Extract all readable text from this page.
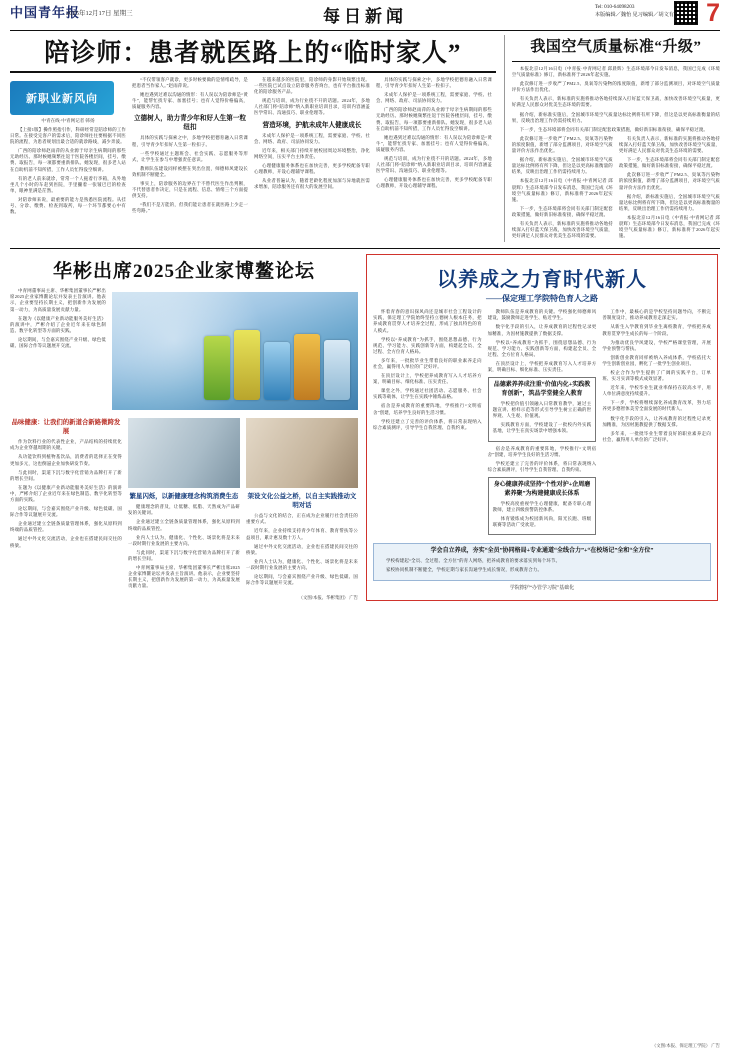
中国青年报
2025年12月17日 星期三	每日新闻	Tel: 010-64098203
本版编辑／魏怡 见习编辑／胡文有 7
陪诊师：患者就医路上的“临时家人”
新职业新风向
中青在线·中青网记者 韩扬

【上接1版】操作照指引作，科研经常是陪诊师的工作日常。在接受完客户的需求后，陪诊师往往要根据不同医院的流程，为患者规划出最合适的就诊路线，减少奔波。

广西的陪诊师赵雨萍的从业源于母亲生病期间的那些无助经历。那时候她频繁往返于医院各楼层间，挂号、缴费、取报告，每一项都要重新排队。她发现，很多老人站在自助机前不知所措，工作人员忙得没空细讲。

有的老人前来就诊，常常一个人拖着行李箱，从外地坐几个小时的车赶到医院，手里攥着一张皱巴巴的检查单，眼神里满是茫然。

对陪诊师来说，最重要的能力是熟悉医院流程。从挂号、分诊、缴费、检查到取药，每一个环节都要心中有数。

“不仅带领客户就诊，更多时候要做的是情绪疏导，是把患者当作家人。”赵雨萍说。

她也遇到过难以沟通的情形：有人误以为陪诊师是“黄牛”，能帮忙找专家、加塞挂号；也有人觉得价格偏高，质疑服务内容。

立德树人，助力青少年和好人生第一粒纽扣

具体的实践与探索之中，多地学校把德育融入日常课程，引导青少年扣好人生第一粒扣子。

一些学校通过主题班会、社会实践、志愿服务等形式，让学生在参与中增强责任意识。

教师队伍建设同样被摆在突出位置，师德师风建设长效机制不断健全。

事实上，陪诊服务的边界在于不替代医生作出判断，不代替患者作决定，只是在流程、信息、情绪三个方面提供支持。

“我们不是万能的，但我们能让患者在就医路上少走一些弯路。”

在越来越多的医院里，陪诊师的身影开始频繁出现。一些医院已试点设立陪诊服务咨询台，也有平台推出标准化的陪诊服务产品。

规范与培训，成为行业绕不开的话题。2024年，多地人社部门将“陪诊师”纳入新职业培训目录，培训内容涵盖医学常识、沟通技巧、职业伦理等。

营造环境，护航未成年人健康成长

未成年人保护是一项系统工程，需要家庭、学校、社会、网络、政府、司法协同发力。

近年来，相关部门持续开展校园周边环境整治，净化网络空间，压实平台主体责任。

心理健康服务体系也在加快完善，更多学校配备专职心理教师，开设心理辅导课程。

从业者普遍认为，随着老龄化程度加深与异地就医需求增加，陪诊服务还有很大的发展空间。

具体的实践与探索之中，多地学校把德育融入日常课程，引导青少年扣好人生第一粒扣子。

未成年人保护是一项系统工程，需要家庭、学校、社会、网络、政府、司法协同发力。

广西的陪诊师赵雨萍的从业源于母亲生病期间的那些无助经历。那时候她频繁往返于医院各楼层间，挂号、缴费、取报告，每一项都要重新排队。她发现，很多老人站在自助机前不知所措，工作人员忙得没空细讲。

她也遇到过难以沟通的情形：有人误以为陪诊师是“黄牛”，能帮忙找专家、加塞挂号；也有人觉得价格偏高，质疑服务内容。

规范与培训，成为行业绕不开的话题。2024年，多地人社部门将“陪诊师”纳入新职业培训目录，培训内容涵盖医学常识、沟通技巧、职业伦理等。

心理健康服务体系也在加快完善，更多学校配备专职心理教师，开设心理辅导课程。

我国空气质量标准“升级”

本报北京12月16日电（中青报·中青网记者 邱晨辉）生态环境部今日发布消息，我国已完成《环境空气质量标准》修订，新标准将于2026年起实施。

此次修订进一步收严了PM2.5、臭氧等污染物的浓度限值，新增了部分监测项目，对环境空气质量评价方法作出优化。

有关负责人表示，新标准的实施将推动各地持续深入打好蓝天保卫战，加快改善环境空气质量，更好满足人民群众对优美生态环境的需要。

据介绍，新标准实施后，全国城市环境空气质量达标比例将有所下降，但这是以更高标准衡量的结果，反映出治理工作仍需持续用力。

下一步，生态环境部将会同有关部门制定配套政策措施，做好新旧标准衔接，确保平稳过渡。

此次修订进一步收严了PM2.5、臭氧等污染物的浓度限值，新增了部分监测项目，对环境空气质量评价方法作出优化。

据介绍，新标准实施后，全国城市环境空气质量达标比例将有所下降，但这是以更高标准衡量的结果，反映出治理工作仍需持续用力。

本报北京12月16日电（中青报·中青网记者 邱晨辉）生态环境部今日发布消息，我国已完成《环境空气质量标准》修订，新标准将于2026年起实施。

下一步，生态环境部将会同有关部门制定配套政策措施，做好新旧标准衔接，确保平稳过渡。

有关负责人表示，新标准的实施将推动各地持续深入打好蓝天保卫战，加快改善环境空气质量，更好满足人民群众对优美生态环境的需要。

有关负责人表示，新标准的实施将推动各地持续深入打好蓝天保卫战，加快改善环境空气质量，更好满足人民群众对优美生态环境的需要。

下一步，生态环境部将会同有关部门制定配套政策措施，做好新旧标准衔接，确保平稳过渡。

此次修订进一步收严了PM2.5、臭氧等污染物的浓度限值，新增了部分监测项目，对环境空气质量评价方法作出优化。

据介绍，新标准实施后，全国城市环境空气质量达标比例将有所下降，但这是以更高标准衡量的结果，反映出治理工作仍需持续用力。

本报北京12月16日电（中青报·中青网记者 邱晨辉）生态环境部今日发布消息，我国已完成《环境空气质量标准》修订，新标准将于2026年起实施。

华彬出席2025企业家博鳌论坛

中青网董事局主席、华彬集团董事长严彬出席2025企业家博鳌论坛并发表主旨演讲。他表示，企业要坚持长期主义，把创新作为发展的第一动力，为高质量发展贡献力量。

在题为《以健康产业新动能服务美好生活》的演讲中，严彬介绍了企业近年来在绿色制造、数字化转型等方面的实践。

论坛期间，与会嘉宾围绕产业升级、绿色低碳、国际合作等议题展开交流。

品味健康：让我们的新道合新路微跨发展

作为饮料行业的代表性企业，产品结构的持续优化成为企业穿越周期的关键。

从功能饮料到植物基饮品，消费者的选择正在变得更加多元，这也倒逼企业加快研发节奏。

与此同时，渠道下沉与数字化营销为品牌打开了新的增长空间。

在题为《以健康产业新动能服务美好生活》的演讲中，严彬介绍了企业近年来在绿色制造、数字化转型等方面的实践。

论坛期间，与会嘉宾围绕产业升级、绿色低碳、国际合作等议题展开交流。

企业通过建立全链条质量管理体系，强化从原料到终端的品质管控。

通过中外文化交流活动，企业也在搭建民间交往的桥梁。

繁星闪烁，以新健康理念构筑消费生态

健康理念的普及，让低糖、低脂、天然成为产品研发的关键词。

企业通过建立全链条质量管理体系，强化从原料到终端的品质管控。

业内人士认为，健康化、个性化、场景化将是未来一段时期行业发展的主要方向。

与此同时，渠道下沉与数字化营销为品牌打开了新的增长空间。

中青网董事局主席、华彬集团董事长严彬出席2025企业家博鳌论坛并发表主旨演讲。他表示，企业要坚持长期主义，把创新作为发展的第一动力，为高质量发展贡献力量。

架设文化公益之桥，以自主实践推动文明对话

公益与文化的结合，正在成为企业履行社会责任的重要方式。

近年来，企业持续支持青少年体育、教育帮扶等公益项目，累计惠及数十万人。

通过中外文化交流活动，企业也在搭建民间交往的桥梁。

业内人士认为，健康化、个性化、场景化将是未来一段时期行业发展的主要方向。

论坛期间，与会嘉宾围绕产业升级、绿色低碳、国际合作等议题展开交流。

（文图/本报、华彬集团） 广告
以养成之力育时代新人
——保定理工学院特色育人之路

怀着青春的意识探风尚还是城市社会工程设计的实践，保定理工学院始终坚持立德树人根本任务，把养成教育贯穿人才培养全过程，形成了独具特色的育人模式。

学校以“养成教育”为抓手，围绕思想品德、行为规范、学习能力、实践创新等方面，构建起全员、全过程、全方位育人格局。

多年来，一批批毕业生带着良好的职业素养走向社会，赢得用人单位的广泛好评。

在顶层设计上，学校把养成教育写入人才培养方案，明确目标、细化标准、压实责任。

课堂之外，学校通过社团活动、志愿服务、社会实践等载体，让学生在实践中锤炼品格。

宿舍是养成教育的重要阵地，学校推行“文明宿舍”创建，培养学生良好的生活习惯。

学校还建立了完善的评价体系，将日常表现纳入综合素质测评，引导学生自我管理、自我约束。

教师队伍是养成教育的关键。学校强化师德师风建设，鼓励教师走进学生、贴近学生。

数字化手段的引入，让养成教育的过程性记录更加精准，为因材施教提供了数据支撑。

学校以“养成教育”为抓手，围绕思想品德、行为规范、学习能力、实践创新等方面，构建起全员、全过程、全方位育人格局。

在顶层设计上，学校把养成教育写入人才培养方案，明确目标、细化标准、压实责任。

品德素养养成注重“价值内化+实践教育创新”，筑品学堂健全人教育

学校把价值引领融入日常教育教学，通过主题宣讲、榜样示范等形式引导学生树立正确的世界观、人生观、价值观。

实践教育方面，学校建设了一批校内外实践基地，让学生在真实场景中增强本领。

宿舍是养成教育的重要阵地，学校推行“文明宿舍”创建，培养学生良好的生活习惯。

学校还建立了完善的评价体系，将日常表现纳入综合素质测评，引导学生自我管理、自我约束。

身心健康养成坚持“个性对护+企周磨素养聚”为构建健康成长体系

学校高度重视学生心理健康，配备专职心理教师，建立四级预警防控体系。

体育锻炼成为校园新风尚，阳光长跑、班级联赛等活动广受欢迎。

工作中，最核心的是学校坚持问题导向，不断完善制度设计，推动养成教育走深走实。

从新生入学教育到毕业生离校教育，学校把养成教育贯穿学生成长的每一个阶段。

为推动优良学风建设，学校严格课堂管理，开展学业预警与帮扶。

创新创业教育同样被纳入养成体系，学校依托大学生创新创业园，孵化了一批学生创业项目。

校企合作为学生提供了广阔的实践平台，订单班、实习实训等模式成效显著。

近年来，学校毕业生就业率保持在较高水平，用人单位满意度持续提升。

下一步，学校将继续深化养成教育改革，努力培养更多德智体美劳全面发展的时代新人。

数字化手段的引入，让养成教育的过程性记录更加精准，为因材施教提供了数据支撑。

多年来，一批批毕业生带着良好的职业素养走向社会，赢得用人单位的广泛好评。

学会自立养成，夯实“全员”协同格局+专业通道“全线合力”+“在校场记”全和“全方位”

学校构建起“全员、全过程、全方位”的育人网络，把养成教育的要求落实到每个环节。

家校协同机制不断健全，学校定期与家长沟通学生成长情况，形成教育合力。

学院擦护“办管学习院”基础化
（文图/本报、保定理工学院） 广告
